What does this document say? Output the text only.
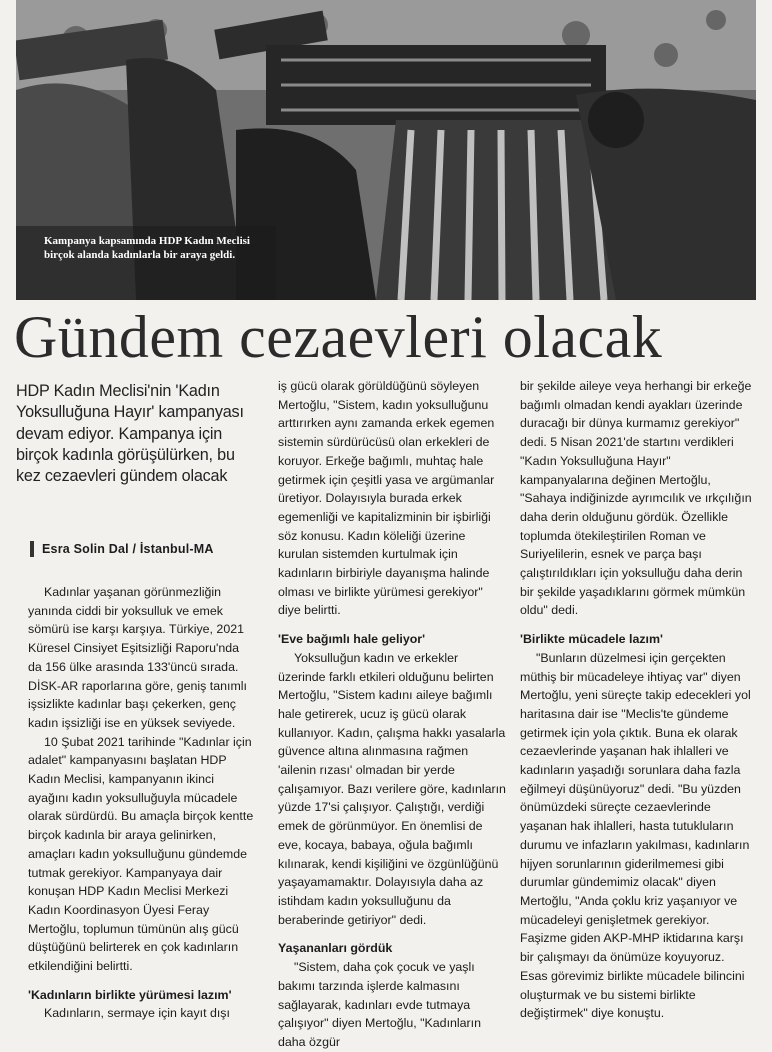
Kampanya kapsamında HDP Kadın Meclisi birçok alanda kadınlarla bir araya geldi.
Gündem cezaevleri olacak
HDP Kadın Meclisi'nin 'Kadın Yoksulluğuna Hayır' kampanyası devam ediyor. Kampanya için birçok kadınla görüşülürken, bu kez cezaevleri gündem olacak
Esra Solin Dal / İstanbul-MA

Kadınlar yaşanan görünmezliğin yanında ciddi bir yoksulluk ve emek sömürü ise karşı karşıya. Türkiye, 2021 Küresel Cinsiyet Eşitsizliği Raporu'nda da 156 ülke arasında 133'üncü sırada. DİSK-AR raporlarına göre, geniş tanımlı işsizlikte kadınlar başı çekerken, genç kadın işsizliği ise en yüksek seviyede.

10 Şubat 2021 tarihinde "Kadınlar için adalet" kampanyasını başlatan HDP Kadın Meclisi, kampanyanın ikinci ayağını kadın yoksulluğuyla mücadele olarak sürdürdü. Bu amaçla birçok kentte birçok kadınla bir araya gelinirken, amaçları kadın yoksulluğunu gündemde tutmak gerekiyor. Kampanyaya dair konuşan HDP Kadın Meclisi Merkezi Kadın Koordinasyon Üyesi Feray Mertoğlu, toplumun tümünün alış gücü düştüğünü belirterek en çok kadınların etkilendiğini belirtti.

'Kadınların birlikte yürümesi lazım'

Kadınların, sermaye için kayıt dışı

iş gücü olarak görüldüğünü söyleyen Mertoğlu, "Sistem, kadın yoksulluğunu arttırırken aynı zamanda erkek egemen sistemin sürdürücüsü olan erkekleri de koruyor. Erkeğe bağımlı, muhtaç hale getirmek için çeşitli yasa ve argümanlar üretiyor. Dolayısıyla burada erkek egemenliği ve kapitalizminin bir işbirliği söz konusu. Kadın köleliği üzerine kurulan sistemden kurtulmak için kadınların birbiriyle dayanışma halinde olması ve birlikte yürümesi gerekiyor" diye belirtti.

'Eve bağımlı hale geliyor'

Yoksulluğun kadın ve erkekler üzerinde farklı etkileri olduğunu belirten Mertoğlu, "Sistem kadını aileye bağımlı hale getirerek, ucuz iş gücü olarak kullanıyor. Kadın, çalışma hakkı yasalarla güvence altına alınmasına rağmen 'ailenin rızası' olmadan bir yerde çalışamıyor. Bazı verilere göre, kadınların yüzde 17'si çalışıyor. Çalıştığı, verdiği emek de görünmüyor. En önemlisi de eve, kocaya, babaya, oğula bağımlı kılınarak, kendi kişiliğini ve özgünlüğünü yaşayamamaktır. Dolayısıyla daha az istihdam kadın yoksulluğunu da beraberinde getiriyor" dedi.

Yaşananları gördük

"Sistem, daha çok çocuk ve yaşlı bakımı tarzında işlerde kalmasını sağlayarak, kadınları evde tutmaya çalışıyor" diyen Mertoğlu, "Kadınların daha özgür

bir şekilde aileye veya herhangi bir erkeğe bağımlı olmadan kendi ayakları üzerinde duracağı bir dünya kurmamız gerekiyor" dedi. 5 Nisan 2021'de startını verdikleri "Kadın Yoksulluğuna Hayır" kampanyalarına değinen Mertoğlu, "Sahaya indiğinizde ayrımcılık ve ırkçılığın daha derin olduğunu gördük. Özellikle toplumda ötekileştirilen Roman ve Suriyelilerin, esnek ve parça başı çalıştırıldıkları için yoksulluğu daha derin bir şekilde yaşadıklarını görmek mümkün oldu" dedi.

'Birlikte mücadele lazım'

"Bunların düzelmesi için gerçekten müthiş bir mücadeleye ihtiyaç var" diyen Mertoğlu, yeni süreçte takip edecekleri yol haritasına dair ise "Meclis'te gündeme getirmek için yola çıktık. Buna ek olarak cezaevlerinde yaşanan hak ihlalleri ve kadınların yaşadığı sorunlara daha fazla eğilmeyi düşünüyoruz" dedi. "Bu yüzden önümüzdeki süreçte cezaevlerinde yaşanan hak ihlalleri, hasta tutukluların durumu ve infazların yakılması, kadınların hijyen sorunlarının giderilmemesi gibi durumlar gündemimiz olacak" diyen Mertoğlu, "Anda çoklu kriz yaşanıyor ve mücadeleyi genişletmek gerekiyor. Faşizme giden AKP-MHP iktidarına karşı bir çalışmayı da önümüze koyuyoruz. Esas görevimiz birlikte mücadele bilincini oluşturmak ve bu sistemi birlikte değiştirmek" diye konuştu.
